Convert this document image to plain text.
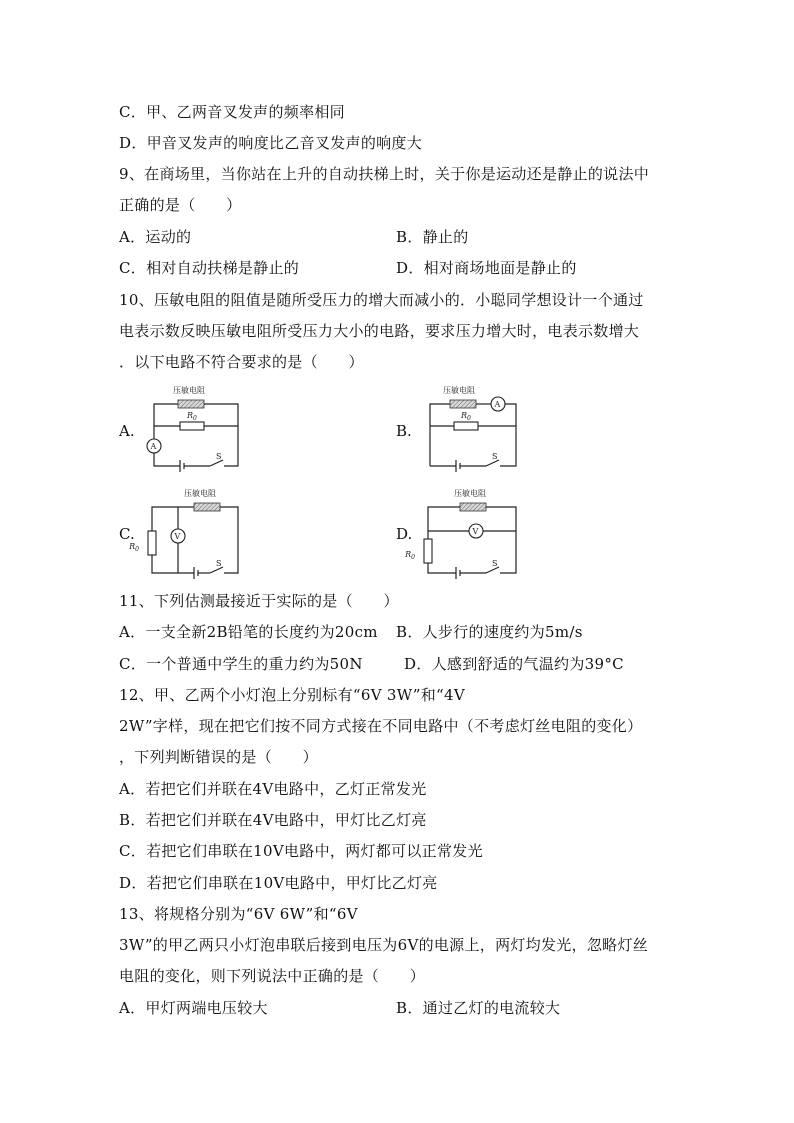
C．甲、乙两音叉发声的频率相同
D．甲音叉发声的响度比乙音叉发声的响度大
9、在商场里，当你站在上升的自动扶梯上时，关于你是运动还是静止的说法中
正确的是（　　）
A．运动的	B．静止的
C．相对自动扶梯是静止的	D．相对商场地面是静止的
10、压敏电阻的阻值是随所受压力的增大而减小的．小聪同学想设计一个通过
电表示数反映压敏电阻所受压力大小的电路，要求压力增大时，电表示数增大
．以下电路不符合要求的是（　　）
A.	B.
C.	D.
压敏电阻
$R_0$
A
S
压敏电阻
A
$R_0$
S
压敏电阻
$R_0$
V
S
压敏电阻
$R_0$
V
S
11、下列估测最接近于实际的是（　　）
A．一支全新2B铅笔的长度约为20cm B．人步行的速度约为5m/s
C．一个普通中学生的重力约为50N	D．人感到舒适的气温约为39°C
12、甲、乙两个小灯泡上分别标有“6V 3W”和“4V
2W”字样，现在把它们按不同方式接在不同电路中（不考虑灯丝电阻的变化）
，下列判断错误的是（　　）
A．若把它们并联在4V电路中，乙灯正常发光
B．若把它们并联在4V电路中，甲灯比乙灯亮
C．若把它们串联在10V电路中，两灯都可以正常发光
D．若把它们串联在10V电路中，甲灯比乙灯亮
13、将规格分别为“6V 6W”和“6V
3W”的甲乙两只小灯泡串联后接到电压为6V的电源上，两灯均发光，忽略灯丝
电阻的变化，则下列说法中正确的是（　　）
A．甲灯两端电压较大	B．通过乙灯的电流较大
